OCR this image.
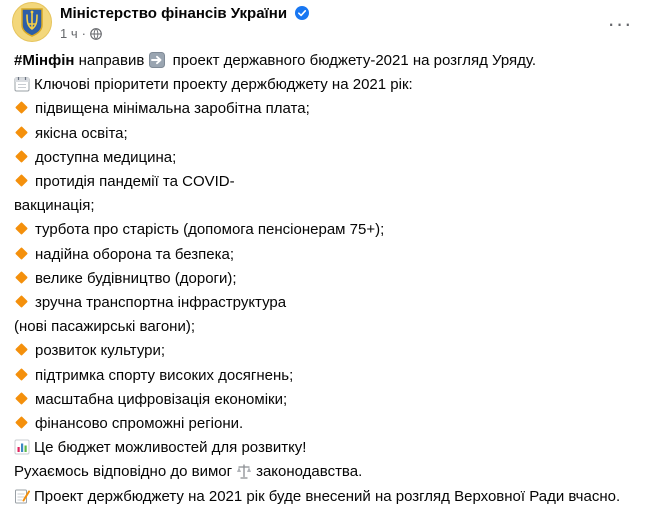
Міністерство фінансів України
1 ч ·	···
#Мінфін направив  проект державного бюджету-2021 на розгляд Уряду.
Ключові пріоритети проекту держбюджету на 2021 рік:
підвищена мінімальна заробітна плата;
якісна освіта;
доступна медицина;
протидія пандемії та COVID-
вакцинація;
турбота про старість (допомога пенсіонерам 75+);
надійна оборона та безпека;
велике будівництво (дороги);
зручна транспортна інфраструктура
(нові пасажирські вагони);
розвиток культури;
підтримка спорту високих досягнень;
масштабна цифровізація економіки;
фінансово спроможні регіони.
Це бюджет можливостей для розвитку!
Рухаємось відповідно до вимог законодавства.
Проект держбюджету на 2021 рік буде внесений на розгляд Верховної Ради вчасно.
